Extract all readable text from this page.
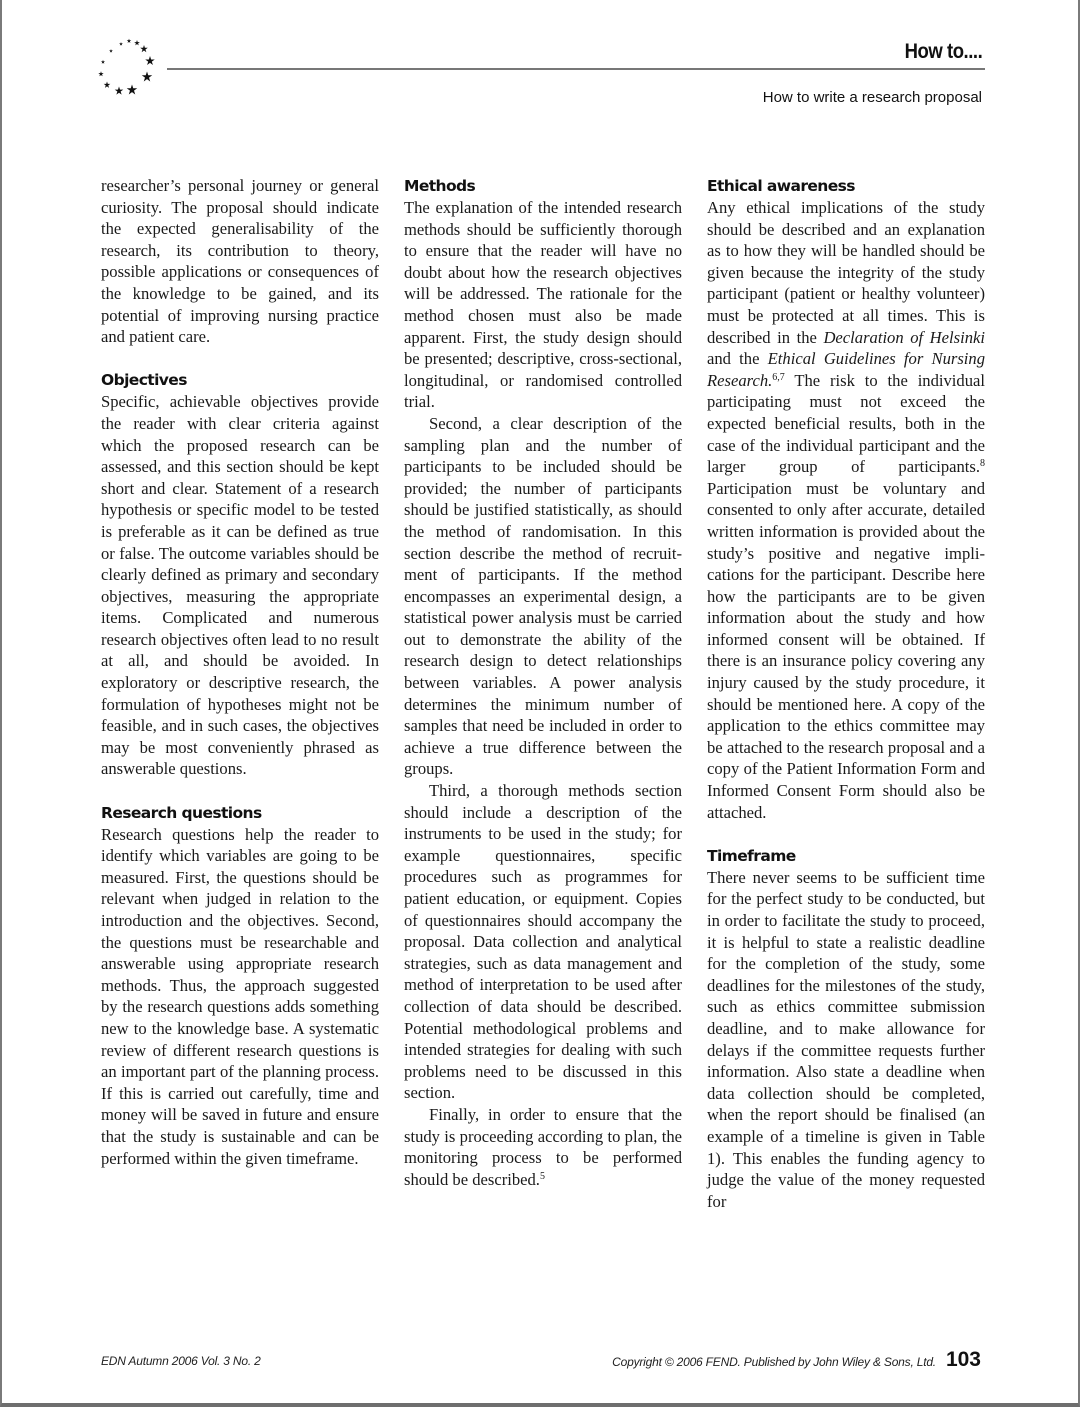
How to....
How to write a research proposal

researcher’s personal journey or general curiosity. The proposal should indicate the expected generalisability of the research, its contribution to theory, possible applications or consequences of the knowledge to be gained, and its potential of improving nursing practice and patient care.

Objectives

Specific, achievable objectives provide the reader with clear criteria against which the proposed research can be assessed, and this section should be kept short and clear. Statement of a research hypothesis or specific model to be tested is preferable as it can be defined as true or false. The outcome variables should be clearly defined as primary and secondary objectives, measuring the appropriate items. Complicated and numerous research objectives often lead to no result at all, and should be avoided. In exploratory or descriptive research, the formulation of hypotheses might not be feasible, and in such cases, the objectives may be most conveniently phrased as answerable questions.

Research questions

Research questions help the reader to identify which variables are going to be measured. First, the questions should be relevant when judged in relation to the introduction and the objectives. Second, the questions must be researchable and answerable using appropriate research methods. Thus, the approach suggested by the research questions adds something new to the knowledge base. A systematic review of different research questions is an important part of the planning process. If this is carried out carefully, time and money will be saved in future and ensure that the study is sustainable and can be performed within the given timeframe.

Methods

The explanation of the intended research methods should be sufficiently thorough to ensure that the reader will have no doubt about how the research objectives will be addressed. The rationale for the method chosen must also be made apparent. First, the study design should be presented; descriptive, cross-sectional, longitudinal, or randomised controlled trial.

Second, a clear description of the sampling plan and the number of participants to be included should be provided; the number of participants should be justified statistically, as should the method of randomisation. In this section describe the method of recruitment of participants. If the method encompasses an experimental design, a statistical power analysis must be carried out to demonstrate the ability of the research design to detect relationships between variables. A power analysis determines the minimum number of samples that need be included in order to achieve a true difference between the groups.

Third, a thorough methods section should include a description of the instruments to be used in the study; for example questionnaires, specific procedures such as programmes for patient education, or equipment. Copies of questionnaires should accompany the proposal. Data collection and analytical strategies, such as data management and method of interpretation to be used after collection of data should be described. Potential methodological problems and intended strategies for dealing with such problems need to be discussed in this section.

Finally, in order to ensure that the study is proceeding according to plan, the monitoring process to be performed should be described.$^5$

Ethical awareness

Any ethical implications of the study should be described and an explanation as to how they will be handled should be given because the integrity of the study participant (patient or healthy volunteer) must be protected at all times. This is described in the Declaration of Helsinki and the Ethical Guidelines for Nursing Research.$^{6,7}$ The risk to the individual participating must not exceed the expected beneficial results, both in the case of the individual participant and the larger group of participants.$^8$ Participation must be voluntary and consented to only after accurate, detailed written information is provided about the study’s positive and negative implications for the participant. Describe here how the participants are to be given information about the study and how informed consent will be obtained. If there is an insurance policy covering any injury caused by the study procedure, it should be mentioned here. A copy of the application to the ethics committee may be attached to the research proposal and a copy of the Patient Information Form and Informed Consent Form should also be attached.

Timeframe

There never seems to be sufficient time for the perfect study to be conducted, but in order to facilitate the study to proceed, it is helpful to state a realistic deadline for the completion of the study, some deadlines for the milestones of the study, such as ethics committee submission deadline, and to make allowance for delays if the committee requests further information. Also state a deadline when data collection should be completed, when the report should be finalised (an example of a timeline is given in Table 1). This enables the funding agency to judge the value of the money requested for

EDN Autumn 2006 Vol. 3 No. 2	Copyright © 2006 FEND. Published by John Wiley & Sons, Ltd. 103
